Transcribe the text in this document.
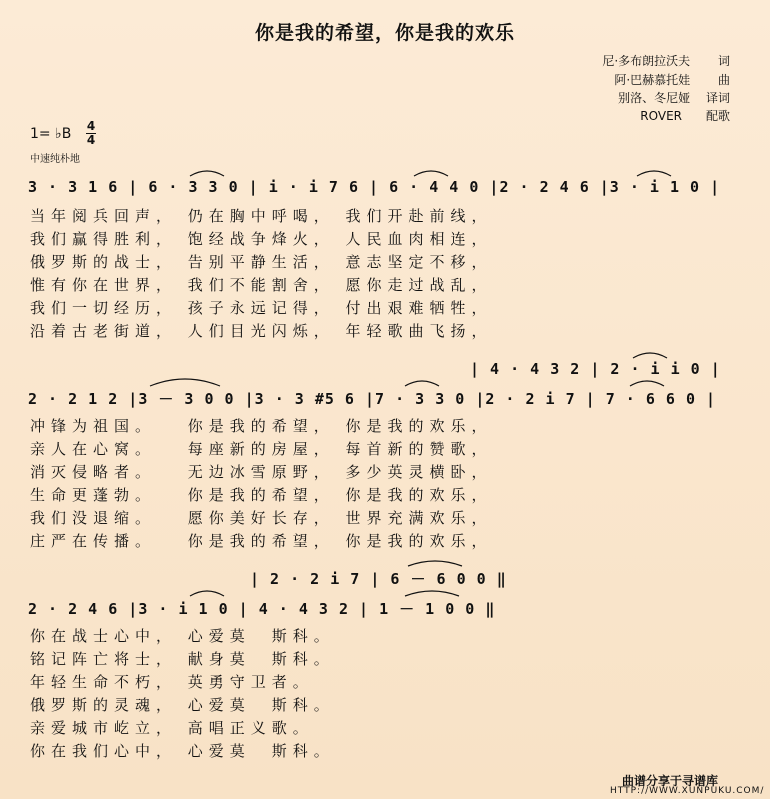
你是我的希望，你是我的欢乐
尼·多布朗拉沃夫 　　词
阿·巴赫慕托娃 　　曲
别洛、冬尼娅 　译词
ROVER　　配歌
1= ♭B 4
4
中速纯朴地
3 · 3 1 6 | 6 · 3 3 0 | i · i 7 6 | 6 · 4 4 0 |2 · 2 4 6 |3 · i 1 0 |
当年阅兵回声， 仍在胸中呼喝， 我们开赴前线，
我们赢得胜利， 饱经战争烽火， 人民血肉相连，
俄罗斯的战士， 告别平静生活， 意志坚定不移，
惟有你在世界， 我们不能割舍， 愿你走过战乱，
我们一切经历， 孩子永远记得， 付出艰难牺牲，
沿着古老街道， 人们目光闪烁， 年轻歌曲飞扬，
| 4 · 4 3 2 | 2 · i i 0 |
2 · 2 1 2 |3 － 3 0 0 |3 · 3 #5 6 |7 · 3 3 0 |2 · 2 i 7 | 7 · 6 6 0 |
冲锋为祖国。 　你是我的希望， 你是我的欢乐，
亲人在心窝。 　每座新的房屋， 每首新的赞歌，
消灭侵略者。 　无边冰雪原野， 多少英灵横卧，
生命更蓬勃。 　你是我的希望， 你是我的欢乐，
我们没退缩。 　愿你美好长存， 世界充满欢乐，
庄严在传播。 　你是我的希望， 你是我的欢乐，
| 2 · 2 i 7 | 6 － 6 0 0 ‖
2 · 2 4 6 |3 · i 1 0 | 4 · 4 3 2 | 1 － 1 0 0 ‖
你在战士心中， 心爱莫　斯科。
铭记阵亡将士， 献身莫　斯科。
年轻生命不朽， 英勇守卫者。
俄罗斯的灵魂， 心爱莫　斯科。
亲爱城市屹立， 高唱正义歌。
你在我们心中， 心爱莫　斯科。
曲谱分享于寻谱库
HTTP://WWW.XUNPUKU.COM/
